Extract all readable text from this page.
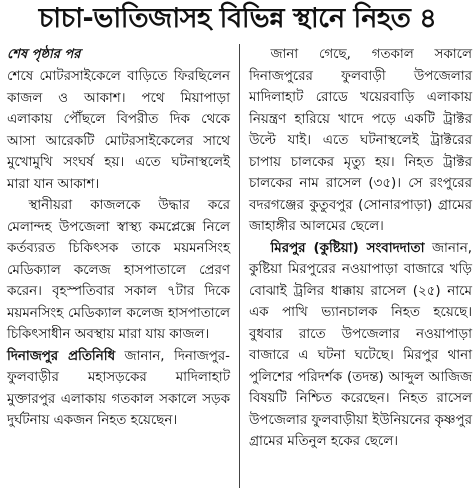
চাচা-ভাতিজাসহ বিভিন্ন স্থানে নিহত ৪
শেষ পৃষ্ঠার পর

শেষে মোটরসাইকেলে বাড়িতে ফিরছিলেন কাজল ও আকাশ। পথে মিয়াপাড়া এলাকায় পৌঁছলে বিপরীত দিক থেকে আসা আরেকটি মোটরসাইকেলের সাথে মুখোমুখি সংঘর্ষ হয়। এতে ঘটনাস্থলেই মারা যান আকাশ।

স্থানীয়রা কাজলকে উদ্ধার করে মেলান্দহ উপজেলা স্বাস্থ্য কমপ্লেক্সে নিলে কর্তব্যরত চিকিৎসক তাকে ময়মনসিংহ মেডিক্যাল কলেজ হাসপাতালে প্রেরণ করেন। বৃহস্পতিবার সকাল ৭টার দিকে ময়মনসিংহ মেডিক্যাল কলেজ হাসপাতালে চিকিৎসাধীন অবস্থায় মারা যায় কাজল।

দিনাজপুর প্রতিনিধি জানান, দিনাজপুর-ফুলবাড়ীর মহাসড়কের মাদিলাহাট মুক্তারপুর এলাকায় গতকাল সকালে সড়ক দুর্ঘটনায় একজন নিহত হয়েছেন।

জানা গেছে, গতকাল সকালে দিনাজপুরের ফুলবাড়ী উপজেলার মাদিলাহাট রোডে খয়েরবাড়ি এলাকায় নিয়ন্ত্রণ হারিয়ে খাদে পড়ে একটি ট্রাক্টর উল্টে যাই। এতে ঘটনাস্থলেই ট্রাক্টরের চাপায় চালকের মৃত্যু হয়। নিহত ট্রাক্টর চালকের নাম রাসেল (৩৫)। সে রংপুরের বদরগঞ্জের কুতুবপুর (সোনারপাড়া) গ্রামের জাহাঙ্গীর আলমের ছেলে।

মিরপুর (কুষ্টিয়া) সংবাদদাতা জানান, কুষ্টিয়া মিরপুরের নওয়াপাড়া বাজারে খড়ি বোঝাই ট্রলির ধাক্কায় রাসেল (২৫) নামে এক পাখি ভ্যানচালক নিহত হয়েছে। বুধবার রাতে উপজেলার নওয়াপাড়া বাজারে এ ঘটনা ঘটেছে। মিরপুর থানা পুলিশের পরিদর্শক (তদন্ত) আব্দুল আজিজ বিষয়টি নিশ্চিত করেছেন। নিহত রাসেল উপজেলার ফুলবাড়ীয়া ইউনিয়নের কৃষ্ণপুর গ্রামের মতিনুল হকের ছেলে।
